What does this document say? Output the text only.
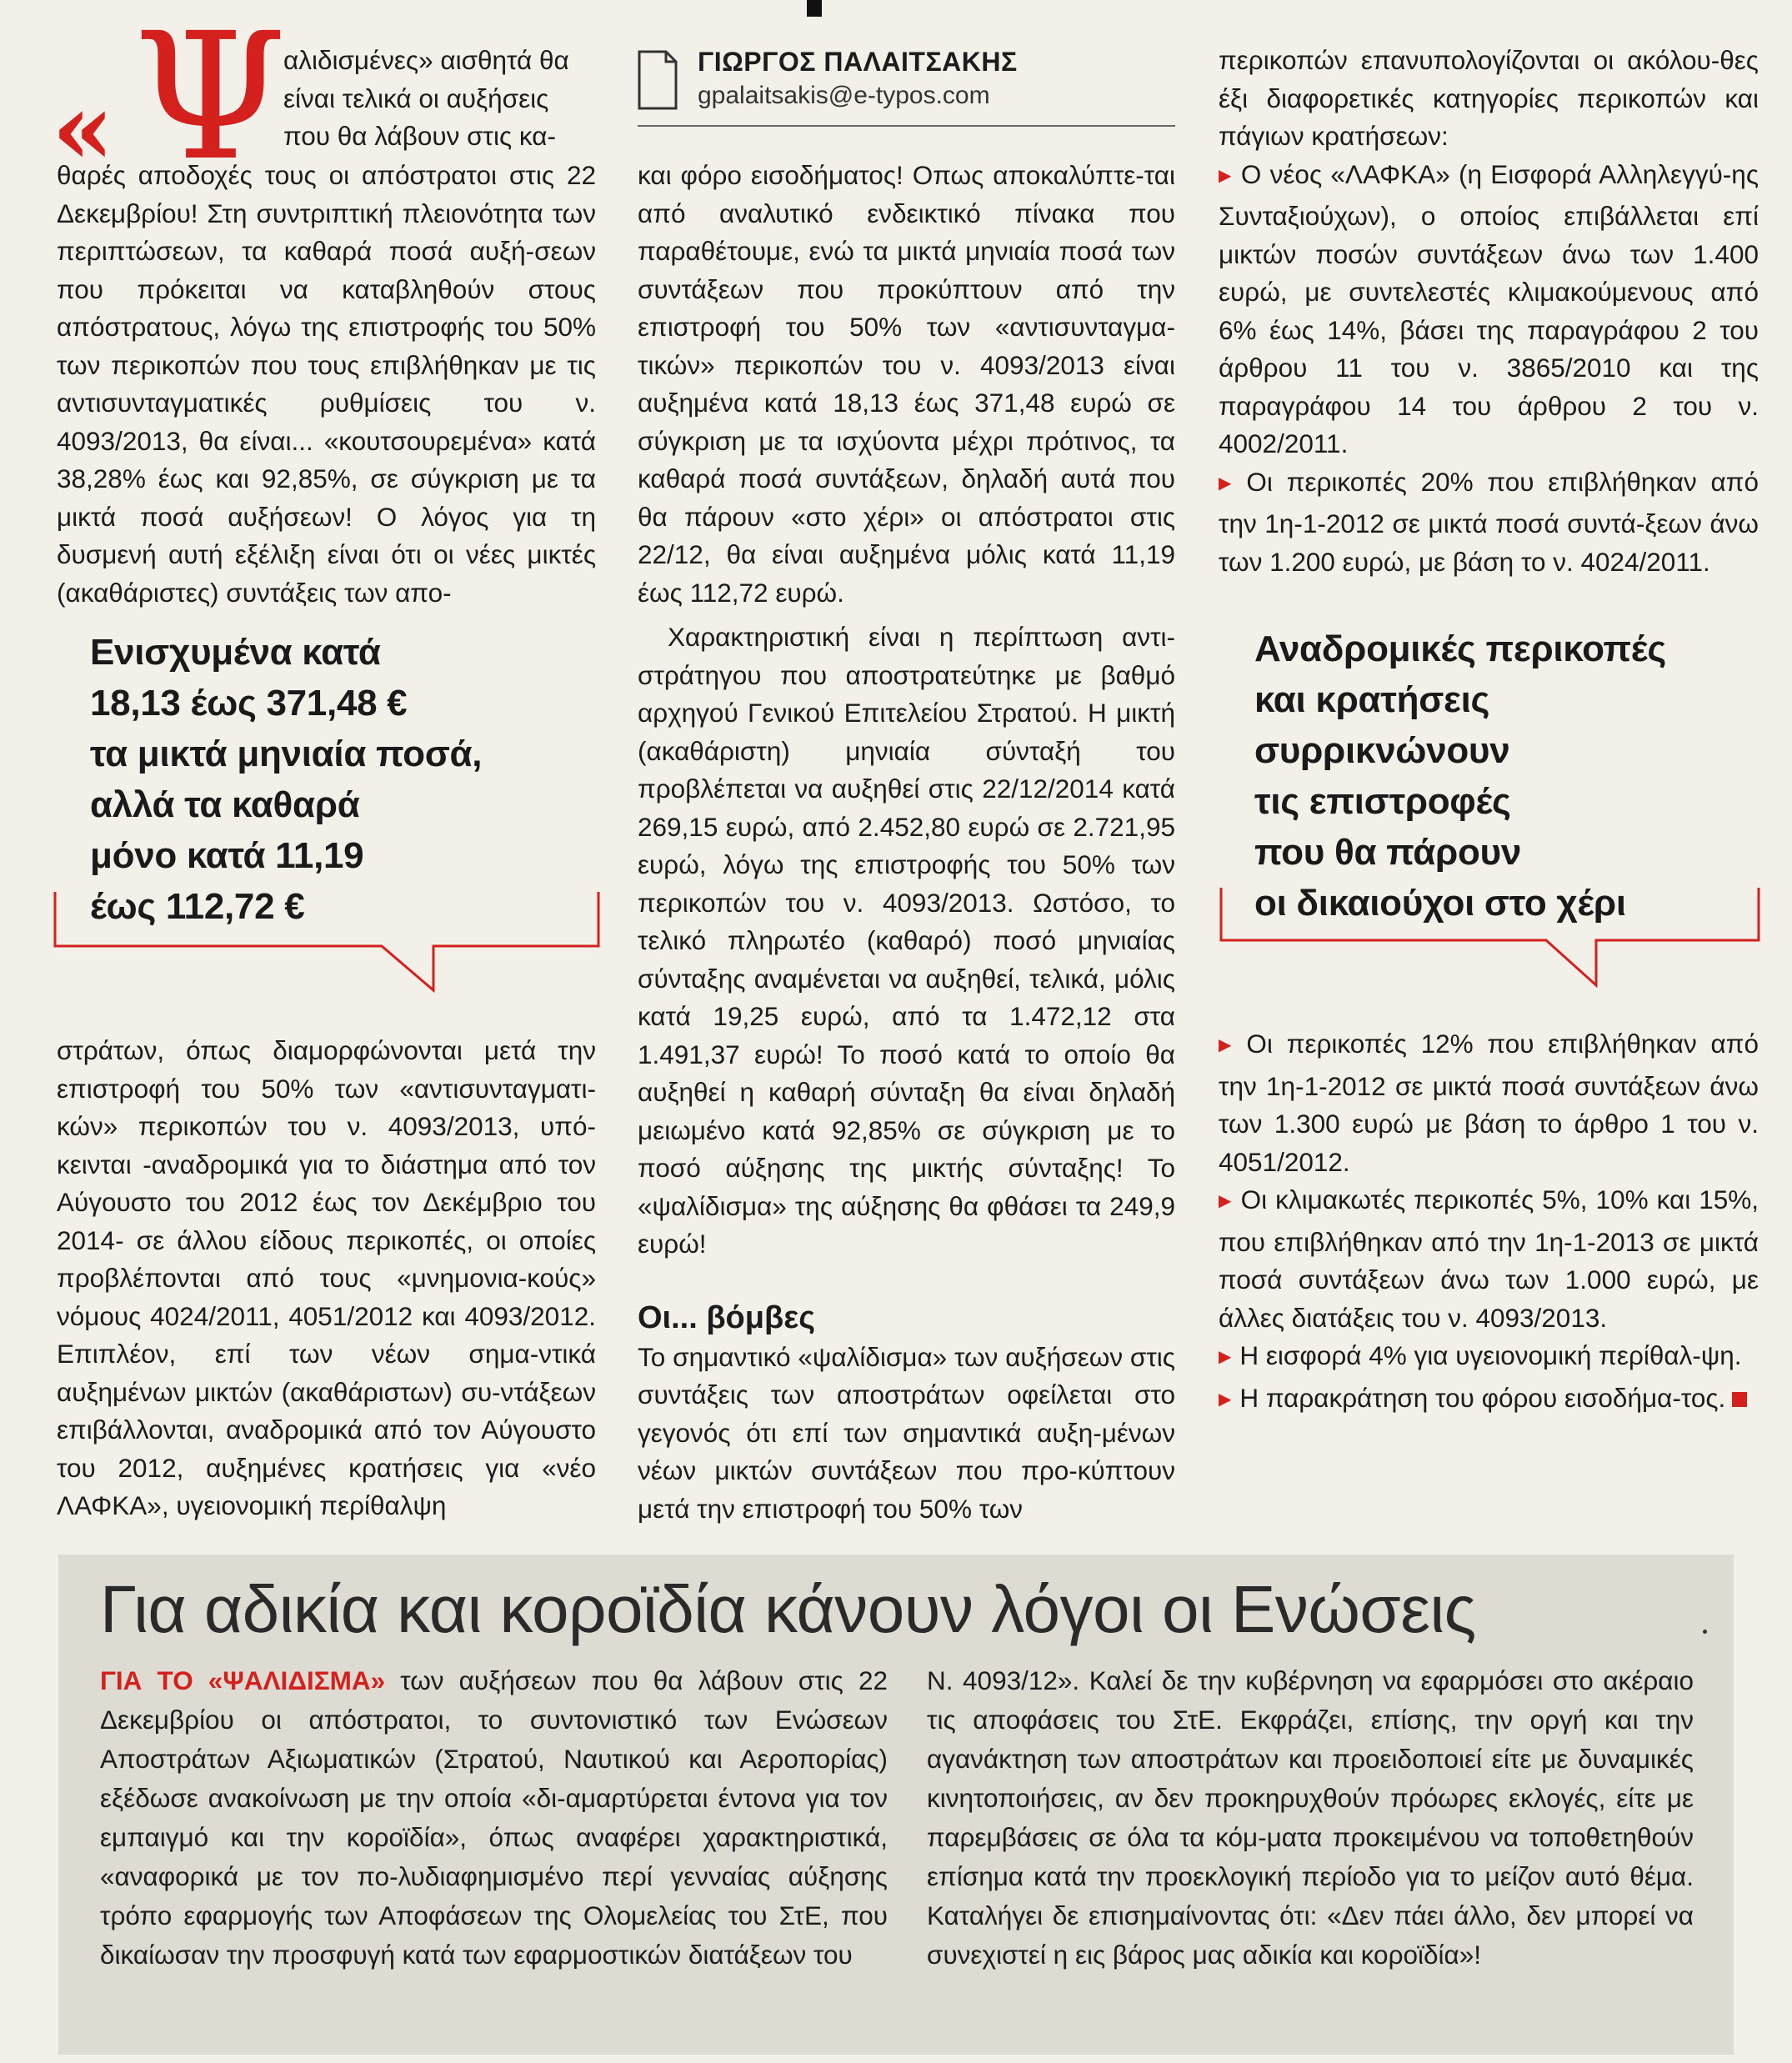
« Ψ

αλιδισμένες» αισθητά θα

είναι τελικά οι αυξήσεις

που θα λάβουν στις κα-

θαρές αποδοχές τους οι απόστρατοι στις 22 Δεκεμβρίου! Στη συντριπτική πλειονότητα των περιπτώσεων, τα καθαρά ποσά αυξή-σεων που πρόκειται να καταβληθούν στους απόστρατους, λόγω της επιστροφής του 50% των περικοπών που τους επιβλήθηκαν με τις αντισυνταγματικές ρυθμίσεις του ν. 4093/2013, θα είναι... «κουτσουρεμένα» κατά 38,28% έως και 92,85%, σε σύγκριση με τα μικτά ποσά αυξήσεων! Ο λόγος για τη δυσμενή αυτή εξέλιξη είναι ότι οι νέες μικτές (ακαθάριστες) συντάξεις των απο-

Ενισχυμένα κατά

18,13 έως 371,48 €

τα μικτά μηνιαία ποσά,

αλλά τα καθαρά

μόνο κατά 11,19

έως 112,72 €

στράτων, όπως διαμορφώνονται μετά την επιστροφή του 50% των «αντισυνταγματι-κών» περικοπών του ν. 4093/2013, υπό-κεινται -αναδρομικά για το διάστημα από τον Αύγουστο του 2012 έως τον Δεκέμβριο του 2014- σε άλλου είδους περικοπές, οι οποίες προβλέπονται από τους «μνημονια-κούς» νόμους 4024/2011, 4051/2012 και 4093/2012. Επιπλέον, επί των νέων σημα-ντικά αυξημένων μικτών (ακαθάριστων) συ-ντάξεων επιβάλλονται, αναδρομικά από τον Αύγουστο του 2012, αυξημένες κρατήσεις για «νέο ΛΑΦΚΑ», υγειονομική περίθαλψη

ΓΙΩΡΓΟΣ ΠΑΛΑΙΤΣΑΚΗΣ
gpalaitsakis@e-typos.com

και φόρο εισοδήματος! Οπως αποκαλύπτε-ται από αναλυτικό ενδεικτικό πίνακα που παραθέτουμε, ενώ τα μικτά μηνιαία ποσά των συντάξεων που προκύπτουν από την επιστροφή του 50% των «αντισυνταγμα-τικών» περικοπών του ν. 4093/2013 είναι αυξημένα κατά 18,13 έως 371,48 ευρώ σε σύγκριση με τα ισχύοντα μέχρι πρότινος, τα καθαρά ποσά συντάξεων, δηλαδή αυτά που θα πάρουν «στο χέρι» οι απόστρατοι στις 22/12, θα είναι αυξημένα μόλις κατά 11,19 έως 112,72 ευρώ.

Χαρακτηριστική είναι η περίπτωση αντι-στράτηγου που αποστρατεύτηκε με βαθμό αρχηγού Γενικού Επιτελείου Στρατού. Η μικτή (ακαθάριστη) μηνιαία σύνταξή του προβλέπεται να αυξηθεί στις 22/12/2014 κατά 269,15 ευρώ, από 2.452,80 ευρώ σε 2.721,95 ευρώ, λόγω της επιστροφής του 50% των περικοπών του ν. 4093/2013. Ωστόσο, το τελικό πληρωτέο (καθαρό) ποσό μηνιαίας σύνταξης αναμένεται να αυξηθεί, τελικά, μόλις κατά 19,25 ευρώ, από τα 1.472,12 στα 1.491,37 ευρώ! Το ποσό κατά το οποίο θα αυξηθεί η καθαρή σύνταξη θα είναι δηλαδή μειωμένο κατά 92,85% σε σύγκριση με το ποσό αύξησης της μικτής σύνταξης! Το «ψαλίδισμα» της αύξησης θα φθάσει τα 249,9 ευρώ!

Οι... βόμβες

Το σημαντικό «ψαλίδισμα» των αυξήσεων στις συντάξεις των αποστράτων οφείλεται στο γεγονός ότι επί των σημαντικά αυξη-μένων νέων μικτών συντάξεων που προ-κύπτουν μετά την επιστροφή του 50% των

περικοπών επανυπολογίζονται οι ακόλου-θες έξι διαφορετικές κατηγορίες περικοπών και πάγιων κρατήσεων:

▶ Ο νέος «ΛΑΦΚΑ» (η Εισφορά Αλληλεγγύ-ης Συνταξιούχων), ο οποίος επιβάλλεται επί μικτών ποσών συντάξεων άνω των 1.400 ευρώ, με συντελεστές κλιμακούμενους από 6% έως 14%, βάσει της παραγράφου 2 του άρθρου 11 του ν. 3865/2010 και της παραγράφου 14 του άρθρου 2 του ν. 4002/2011.

▶ Οι περικοπές 20% που επιβλήθηκαν από την 1η-1-2012 σε μικτά ποσά συντά-ξεων άνω των 1.200 ευρώ, με βάση το ν. 4024/2011.

Αναδρομικές περικοπές

και κρατήσεις

συρρικνώνουν

τις επιστροφές

που θα πάρουν

οι δικαιούχοι στο χέρι

▶ Οι περικοπές 12% που επιβλήθηκαν από την 1η-1-2012 σε μικτά ποσά συντάξεων άνω των 1.300 ευρώ με βάση το άρθρο 1 του ν. 4051/2012.

▶ Οι κλιμακωτές περικοπές 5%, 10% και 15%, που επιβλήθηκαν από την 1η-1-2013 σε μικτά ποσά συντάξεων άνω των 1.000 ευρώ, με άλλες διατάξεις του ν. 4093/2013.

▶ Η εισφορά 4% για υγειονομική περίθαλ-ψη.

▶ Η παρακράτηση του φόρου εισοδήμα-τος.

Για αδικία και κοροϊδία κάνουν λόγοι οι Ενώσεις

ΓΙΑ ΤΟ «ΨΑΛΙΔΙΣΜΑ» των αυξήσεων που θα λάβουν στις 22 Δεκεμβρίου οι απόστρατοι, το συντονιστικό των Ενώσεων Αποστράτων Αξιωματικών (Στρατού, Ναυτικού και Αεροπορίας) εξέδωσε ανακοίνωση με την οποία «δι-αμαρτύρεται έντονα για τον εμπαιγμό και την κοροϊδία», όπως αναφέρει χαρακτηριστικά, «αναφορικά με τον πο-λυδιαφημισμένο περί γενναίας αύξησης τρόπο εφαρμογής των Αποφάσεων της Ολομελείας του ΣτΕ, που δικαίωσαν την προσφυγή κατά των εφαρμοστικών διατάξεων του

Ν. 4093/12». Καλεί δε την κυβέρνηση να εφαρμόσει στο ακέραιο τις αποφάσεις του ΣτΕ. Εκφράζει, επίσης, την οργή και την αγανάκτηση των αποστράτων και προειδοποιεί είτε με δυναμικές κινητοποιήσεις, αν δεν προκηρυχθούν πρόωρες εκλογές, είτε με παρεμβάσεις σε όλα τα κόμ-ματα προκειμένου να τοποθετηθούν επίσημα κατά την προεκλογική περίοδο για το μείζον αυτό θέμα. Καταλήγει δε επισημαίνοντας ότι: «Δεν πάει άλλο, δεν μπορεί να συνεχιστεί η εις βάρος μας αδικία και κοροϊδία»!
